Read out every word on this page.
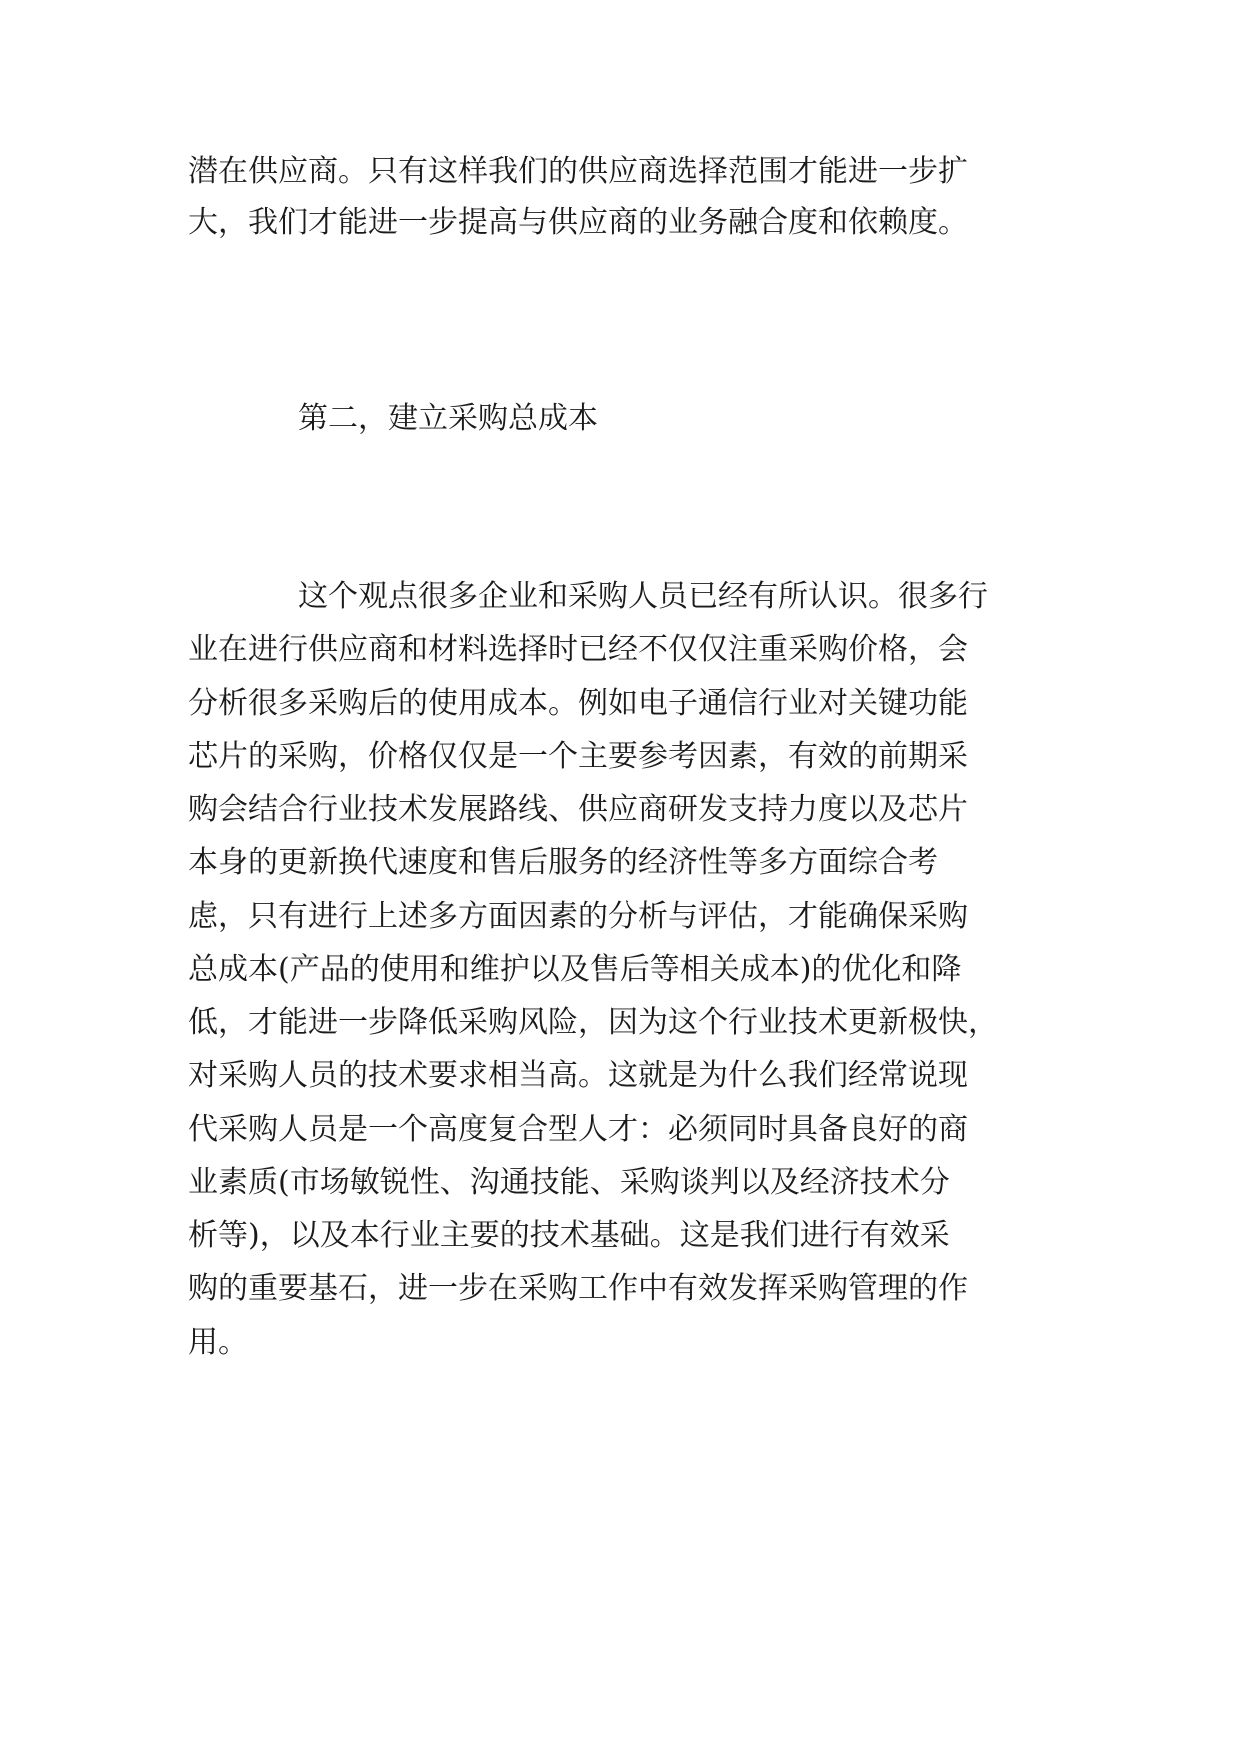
潜在供应商。只有这样我们的供应商选择范围才能进一步扩

大，我们才能进一步提高与供应商的业务融合度和依赖度。

第二，建立采购总成本

这个观点很多企业和采购人员已经有所认识。很多行

业在进行供应商和材料选择时已经不仅仅注重采购价格，会

分析很多采购后的使用成本。例如电子通信行业对关键功能

芯片的采购，价格仅仅是一个主要参考因素，有效的前期采

购会结合行业技术发展路线、供应商研发支持力度以及芯片

本身的更新换代速度和售后服务的经济性等多方面综合考

虑，只有进行上述多方面因素的分析与评估，才能确保采购

总成本(产品的使用和维护以及售后等相关成本)的优化和降

低，才能进一步降低采购风险，因为这个行业技术更新极快，

对采购人员的技术要求相当高。这就是为什么我们经常说现

代采购人员是一个高度复合型人才：必须同时具备良好的商

业素质(市场敏锐性、沟通技能、采购谈判以及经济技术分

析等)，以及本行业主要的技术基础。这是我们进行有效采

购的重要基石，进一步在采购工作中有效发挥采购管理的作

用。
